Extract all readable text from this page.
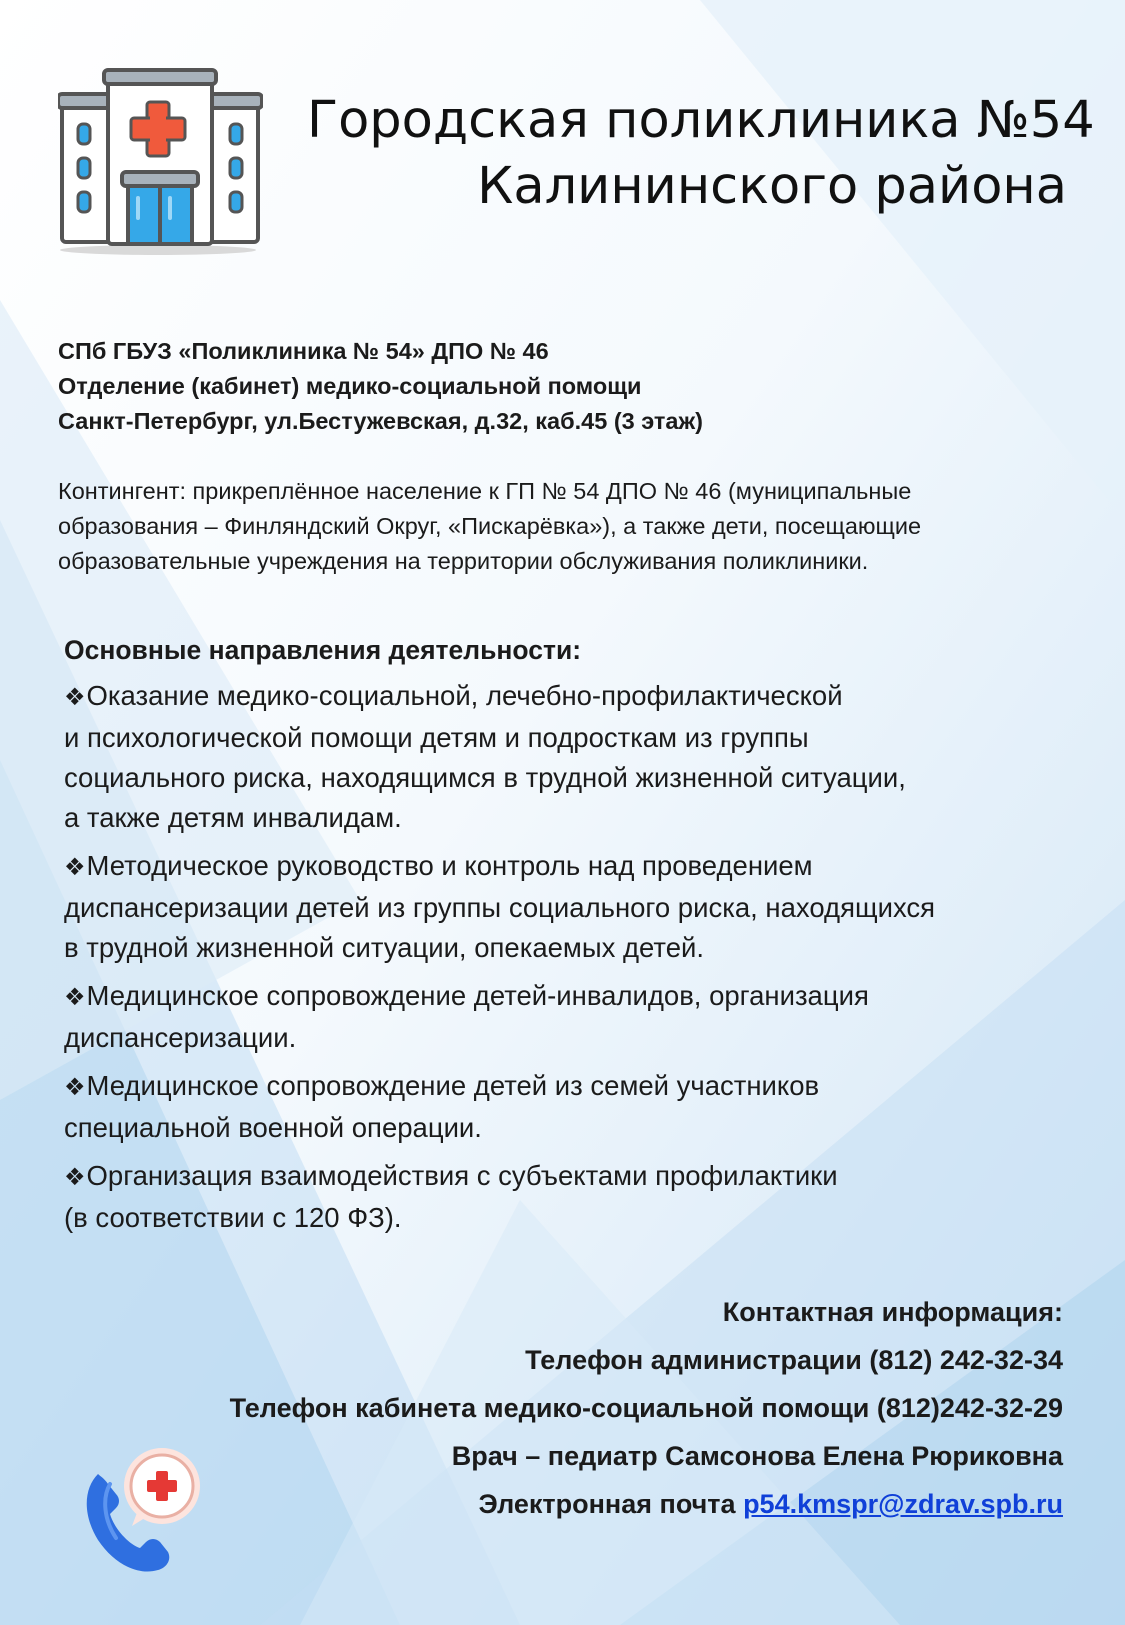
Городская поликлиника №54
Калининского района
СПб ГБУЗ «Поликлиника № 54» ДПО № 46
Отделение (кабинет) медико-социальной помощи
Санкт-Петербург, ул.Бестужевская, д.32, каб.45 (3 этаж)
Контингент: прикреплённое население к ГП № 54 ДПО № 46 (муниципальные
образования – Финляндский Округ, «Пискарёвка»), а также дети, посещающие
образовательные учреждения на территории обслуживания поликлиники.
Основные направления деятельности:
❖Оказание медико-социальной, лечебно-профилактической
и психологической помощи детям и подросткам из группы
социального риска, находящимся в трудной жизненной ситуации,
а также детям инвалидам.
❖Методическое руководство и контроль над проведением
диспансеризации детей из группы социального риска, находящихся
в трудной жизненной ситуации, опекаемых детей.
❖Медицинское сопровождение детей-инвалидов, организация
диспансеризации.
❖Медицинское сопровождение детей из семей участников
специальной военной операции.
❖Организация взаимодействия с субъектами профилактики
(в соответствии с 120 ФЗ).
Контактная информация:
Телефон администрации (812) 242-32-34
Телефон кабинета медико-социальной помощи (812)242-32-29
Врач – педиатр Самсонова Елена Рюриковна
Электронная почта p54.kmspr@zdrav.spb.ru
